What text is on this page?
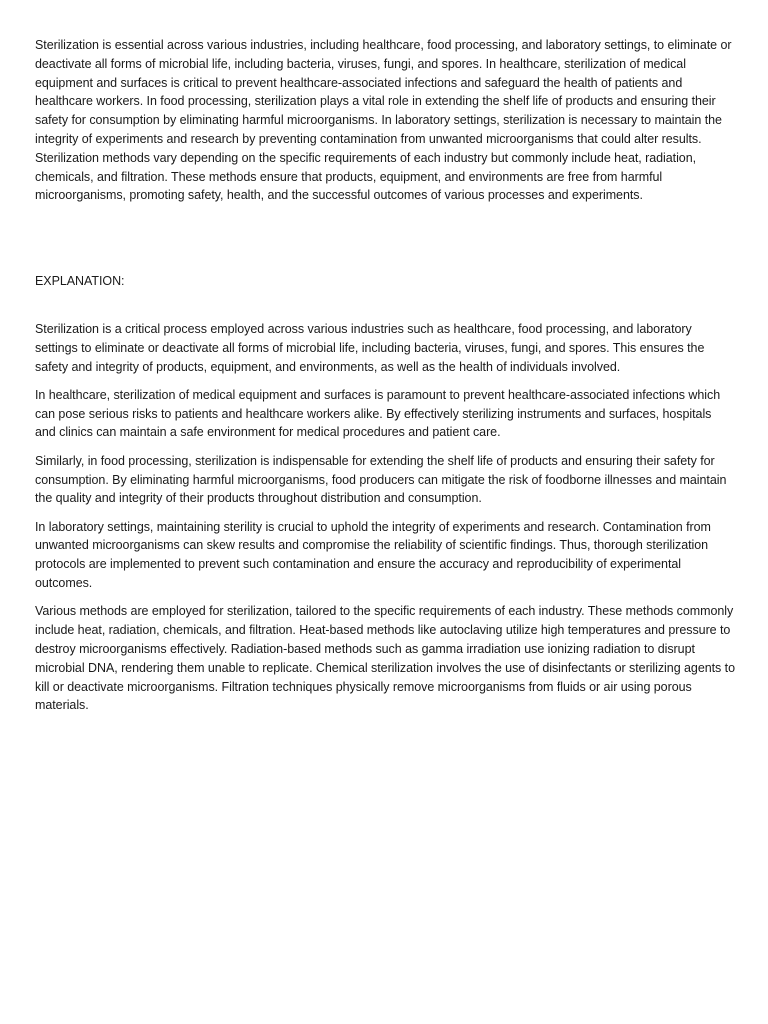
Sterilization is essential across various industries, including healthcare, food processing, and laboratory settings, to eliminate or deactivate all forms of microbial life, including bacteria, viruses, fungi, and spores. In healthcare, sterilization of medical equipment and surfaces is critical to prevent healthcare-associated infections and safeguard the health of patients and healthcare workers. In food processing, sterilization plays a vital role in extending the shelf life of products and ensuring their safety for consumption by eliminating harmful microorganisms. In laboratory settings, sterilization is necessary to maintain the integrity of experiments and research by preventing contamination from unwanted microorganisms that could alter results. Sterilization methods vary depending on the specific requirements of each industry but commonly include heat, radiation, chemicals, and filtration. These methods ensure that products, equipment, and environments are free from harmful microorganisms, promoting safety, health, and the successful outcomes of various processes and experiments.

EXPLANATION:

Sterilization is a critical process employed across various industries such as healthcare, food processing, and laboratory settings to eliminate or deactivate all forms of microbial life, including bacteria, viruses, fungi, and spores. This ensures the safety and integrity of products, equipment, and environments, as well as the health of individuals involved.

In healthcare, sterilization of medical equipment and surfaces is paramount to prevent healthcare-associated infections which can pose serious risks to patients and healthcare workers alike. By effectively sterilizing instruments and surfaces, hospitals and clinics can maintain a safe environment for medical procedures and patient care.

Similarly, in food processing, sterilization is indispensable for extending the shelf life of products and ensuring their safety for consumption. By eliminating harmful microorganisms, food producers can mitigate the risk of foodborne illnesses and maintain the quality and integrity of their products throughout distribution and consumption.

In laboratory settings, maintaining sterility is crucial to uphold the integrity of experiments and research. Contamination from unwanted microorganisms can skew results and compromise the reliability of scientific findings. Thus, thorough sterilization protocols are implemented to prevent such contamination and ensure the accuracy and reproducibility of experimental outcomes.

Various methods are employed for sterilization, tailored to the specific requirements of each industry. These methods commonly include heat, radiation, chemicals, and filtration. Heat-based methods like autoclaving utilize high temperatures and pressure to destroy microorganisms effectively. Radiation-based methods such as gamma irradiation use ionizing radiation to disrupt microbial DNA, rendering them unable to replicate. Chemical sterilization involves the use of disinfectants or sterilizing agents to kill or deactivate microorganisms. Filtration techniques physically remove microorganisms from fluids or air using porous materials.
